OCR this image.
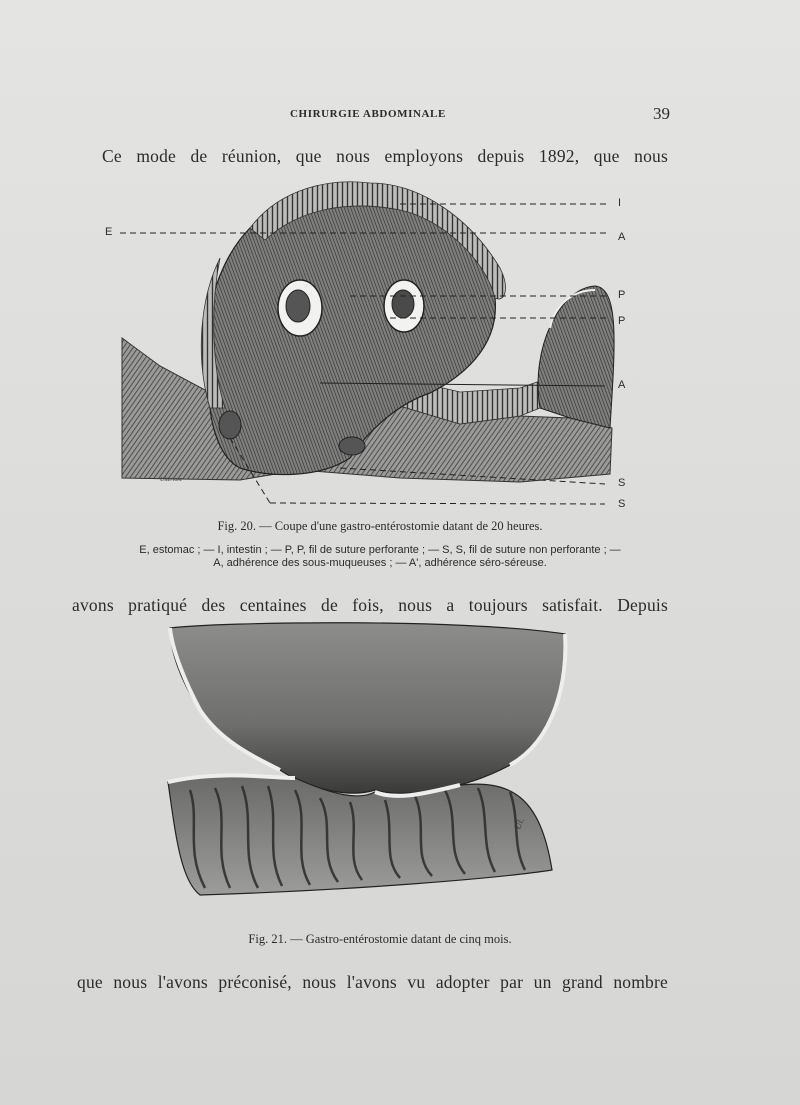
CHIRURGIE ABDOMINALE	39
Ce mode de réunion, que nous employons depuis 1892, que nous
Ulteriore
E
I
A
P
P
A
S
S
Fig. 20. — Coupe d'une gastro-entérostomie datant de 20 heures.
E, estomac ; — I, intestin ; — P, P, fil de suture perforante ; — S, S, fil de suture non perforante ; —
A, adhérence des sous-muqueuses ; — A', adhérence séro-séreuse.
avons pratiqué des centaines de fois, nous a toujours satisfait. Depuis
Ul.
Fig. 21. — Gastro-entérostomie datant de cinq mois.
que nous l'avons préconisé, nous l'avons vu adopter par un grand nombre
